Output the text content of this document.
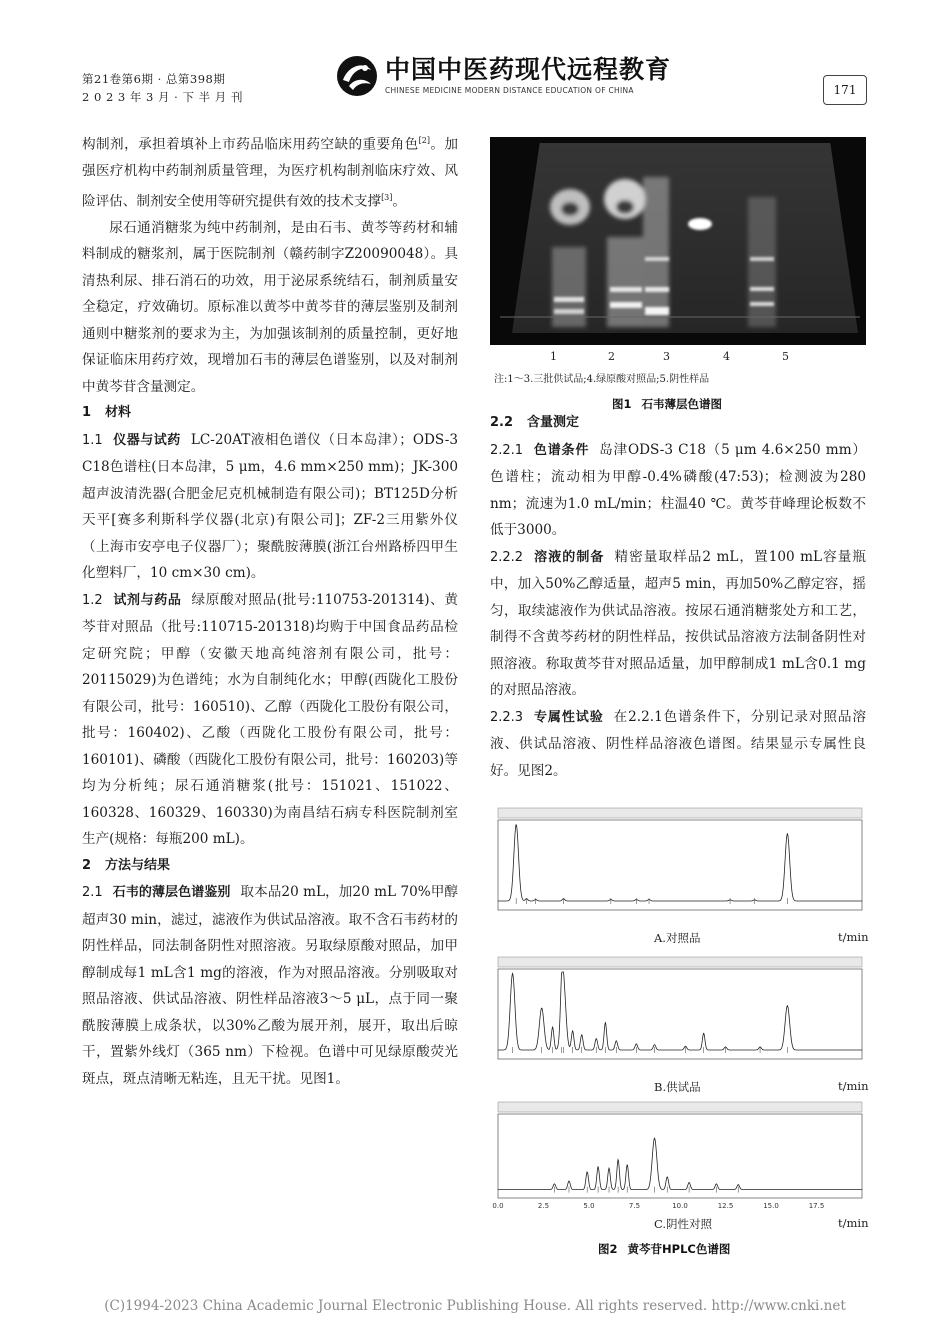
第21卷第6期 · 总第398期
2 0 2 3 年 3 月 · 下 半 月 刊
中国中医药现代远程教育
CHINESE MEDICINE MODERN DISTANCE EDUCATION OF CHINA	171

构制剂，承担着填补上市药品临床用药空缺的重要角色[2]。加强医疗机构中药制剂质量管理，为医疗机构制剂临床疗效、风险评估、制剂安全使用等研究提供有效的技术支撑[3]。

尿石通消糖浆为纯中药制剂，是由石韦、黄芩等药材和辅料制成的糖浆剂，属于医院制剂（赣药制字Z20090048）。具清热利尿、排石消石的功效，用于泌尿系统结石，制剂质量安全稳定，疗效确切。原标准以黄芩中黄芩苷的薄层鉴别及制剂通则中糖浆剂的要求为主，为加强该制剂的质量控制，更好地保证临床用药疗效，现增加石韦的薄层色谱鉴别，以及对制剂中黄芩苷含量测定。

1 材料

1.1 仪器与试药 LC-20AT液相色谱仪（日本岛津）；ODS-3 C18色谱柱(日本岛津，5 μm，4.6 mm×250 mm)；JK-300超声波清洗器(合肥金尼克机械制造有限公司)；BT125D分析天平[赛多利斯科学仪器(北京)有限公司]；ZF-2三用紫外仪（上海市安亭电子仪器厂）；聚酰胺薄膜(浙江台州路桥四甲生化塑料厂，10 cm×30 cm)。

1.2 试剂与药品 绿原酸对照品(批号:110753-201314)、黄芩苷对照品（批号:110715-201318)均购于中国食品药品检定研究院；甲醇（安徽天地高纯溶剂有限公司，批号：20115029)为色谱纯；水为自制纯化水；甲醇(西陇化工股份有限公司，批号：160510)、乙醇（西陇化工股份有限公司，批号：160402)、乙酸（西陇化工股份有限公司，批号：160101)、磷酸（西陇化工股份有限公司，批号：160203)等均为分析纯；尿石通消糖浆(批号：151021、151022、160328、160329、160330)为南昌结石病专科医院制剂室生产(规格：每瓶200 mL)。

2 方法与结果

2.1 石韦的薄层色谱鉴别 取本品20 mL，加20 mL 70%甲醇超声30 min，滤过，滤液作为供试品溶液。取不含石韦药材的阴性样品，同法制备阴性对照溶液。另取绿原酸对照品，加甲醇制成每1 mL含1 mg的溶液，作为对照品溶液。分别吸取对照品溶液、供试品溶液、阴性样品溶液3～5 μL，点于同一聚酰胺薄膜上成条状，以30%乙酸为展开剂，展开，取出后晾干，置紫外线灯（365 nm）下检视。色谱中可见绿原酸荧光斑点，斑点清晰无粘连，且无干扰。见图1。

1	2	3	4	5
注:1～3.三批供试品;4.绿原酸对照品;5.阴性样品
图1 石韦薄层色谱图

2.2 含量测定

2.2.1 色谱条件 岛津ODS-3 C18（5 μm 4.6×250 mm）色谱柱；流动相为甲醇-0.4%磷酸(47:53)；检测波为280 nm；流速为1.0 mL/min；柱温40 ℃。黄芩苷峰理论板数不低于3000。

2.2.2 溶液的制备 精密量取样品2 mL，置100 mL容量瓶中，加入50%乙醇适量，超声5 min，再加50%乙醇定容，摇匀，取续滤液作为供试品溶液。按尿石通消糖浆处方和工艺，制得不含黄芩药材的阴性样品，按供试品溶液方法制备阴性对照溶液。称取黄芩苷对照品适量，加甲醇制成1 mL含0.1 mg的对照品溶液。

2.2.3 专属性试验 在2.2.1色谱条件下，分别记录对照品溶液、供试品溶液、阴性样品溶液色谱图。结果显示专属性良好。见图2。

A.对照品	t/min
B.供试品	t/min
0.0	2.5	5.0	7.5	10.0	12.5	15.0	17.5
C.阴性对照	t/min
图2 黄芩苷HPLC色谱图
(C)1994-2023 China Academic Journal Electronic Publishing House. All rights reserved. http://www.cnki.net
